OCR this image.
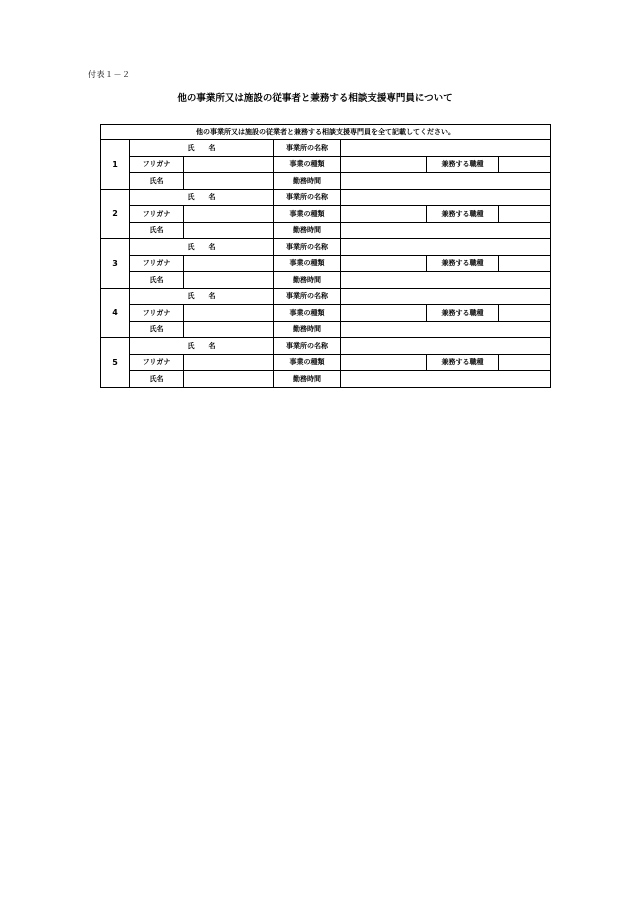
付表１－２
他の事業所又は施設の従事者と兼務する相談支援専門員について
他の事業所又は施設の従業者と兼務する相談支援専門員を全て記載してください。						
1	氏　　名		事業所の名称			
	フリガナ		事業の種類		兼務する職種	
	氏名		勤務時間			
2	氏　　名		事業所の名称			
	フリガナ		事業の種類		兼務する職種	
	氏名		勤務時間			
3	氏　　名		事業所の名称			
	フリガナ		事業の種類		兼務する職種	
	氏名		勤務時間			
4	氏　　名		事業所の名称			
	フリガナ		事業の種類		兼務する職種	
	氏名		勤務時間			
5	氏　　名		事業所の名称			
	フリガナ		事業の種類		兼務する職種	
	氏名		勤務時間			
